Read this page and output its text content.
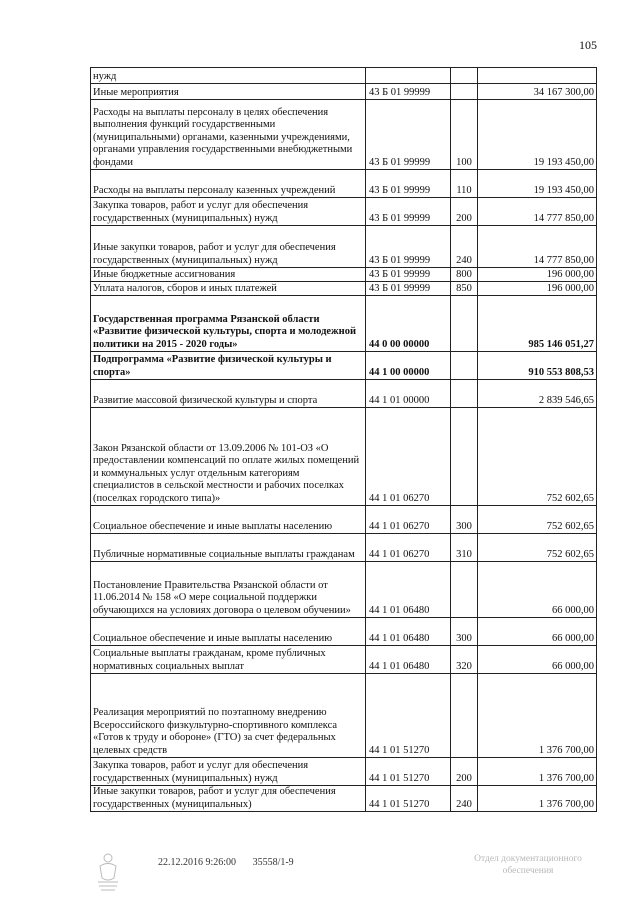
105
нужд			
Иные мероприятия	43 Б 01 99999		34 167 300,00
Расходы на выплаты персоналу в целях обеспечения выполнения функций государственными (муниципальными) органами, казенными учреждениями, органами управления государственными внебюджетными фондами	43 Б 01 99999	100	19 193 450,00
Расходы на выплаты персоналу казенных учреждений	43 Б 01 99999	110	19 193 450,00
Закупка товаров, работ и услуг для обеспечения государственных (муниципальных) нужд	43 Б 01 99999	200	14 777 850,00
Иные закупки товаров, работ и услуг для обеспечения государственных (муниципальных) нужд	43 Б 01 99999	240	14 777 850,00
Иные бюджетные ассигнования	43 Б 01 99999	800	196 000,00
Уплата налогов, сборов и иных платежей	43 Б 01 99999	850	196 000,00
Государственная программа Рязанской области «Развитие физической культуры, спорта и молодежной политики на 2015 - 2020 годы»	44 0 00 00000		985 146 051,27
Подпрограмма «Развитие физической культуры и спорта»	44 1 00 00000		910 553 808,53
Развитие массовой физической культуры и спорта	44 1 01 00000		2 839 546,65
Закон Рязанской области от 13.09.2006 № 101-ОЗ «О предоставлении компенсаций по оплате жилых помещений и коммунальных услуг отдельным категориям специалистов в сельской местности и рабочих поселках (поселках городского типа)»	44 1 01 06270		752 602,65
Социальное обеспечение и иные выплаты населению	44 1 01 06270	300	752 602,65
Публичные нормативные социальные выплаты гражданам	44 1 01 06270	310	752 602,65
Постановление Правительства Рязанской области от 11.06.2014 № 158 «О мере социальной поддержки обучающихся на условиях договора о целевом обучении»	44 1 01 06480		66 000,00
Социальное обеспечение и иные выплаты населению	44 1 01 06480	300	66 000,00
Социальные выплаты гражданам, кроме публичных нормативных социальных выплат	44 1 01 06480	320	66 000,00
Реализация мероприятий по поэтапному внедрению Всероссийского физкультурно-спортивного комплекса «Готов к труду и обороне» (ГТО) за счет федеральных целевых средств	44 1 01 51270		1 376 700,00
Закупка товаров, работ и услуг для обеспечения государственных (муниципальных) нужд	44 1 01 51270	200	1 376 700,00
Иные закупки товаров, работ и услуг для обеспечения государственных (муниципальных)	44 1 01 51270	240	1 376 700,00
22.12.2016 9:26:00 35558/1-9	Отдел документационного обеспечения
